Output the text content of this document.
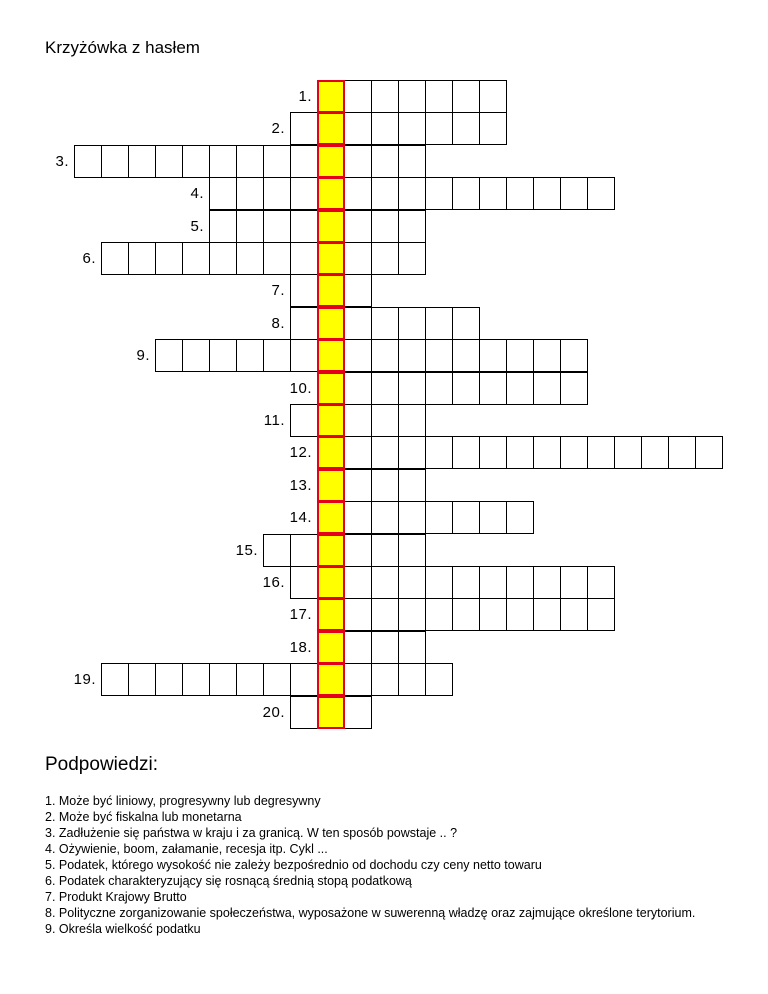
Krzyżówka z hasłem
1.
2.
3.
4.
5.
6.
7.
8.
9.
10.
11.
12.
13.
14.
15.
16.
17.
18.
19.
20.
Podpowiedzi:
1. Może być liniowy, progresywny lub degresywny
2. Może być fiskalna lub monetarna
3. Zadłużenie się państwa w kraju i za granicą. W ten sposób powstaje .. ?
4. Ożywienie, boom, załamanie, recesja itp. Cykl ...
5. Podatek, którego wysokość nie zależy bezpośrednio od dochodu czy ceny netto towaru
6. Podatek charakteryzujący się rosnącą średnią stopą podatkową
7. Produkt Krajowy Brutto
8. Polityczne zorganizowanie społeczeństwa, wyposażone w suwerenną władzę oraz zajmujące określone terytorium.
9. Określa wielkość podatku
